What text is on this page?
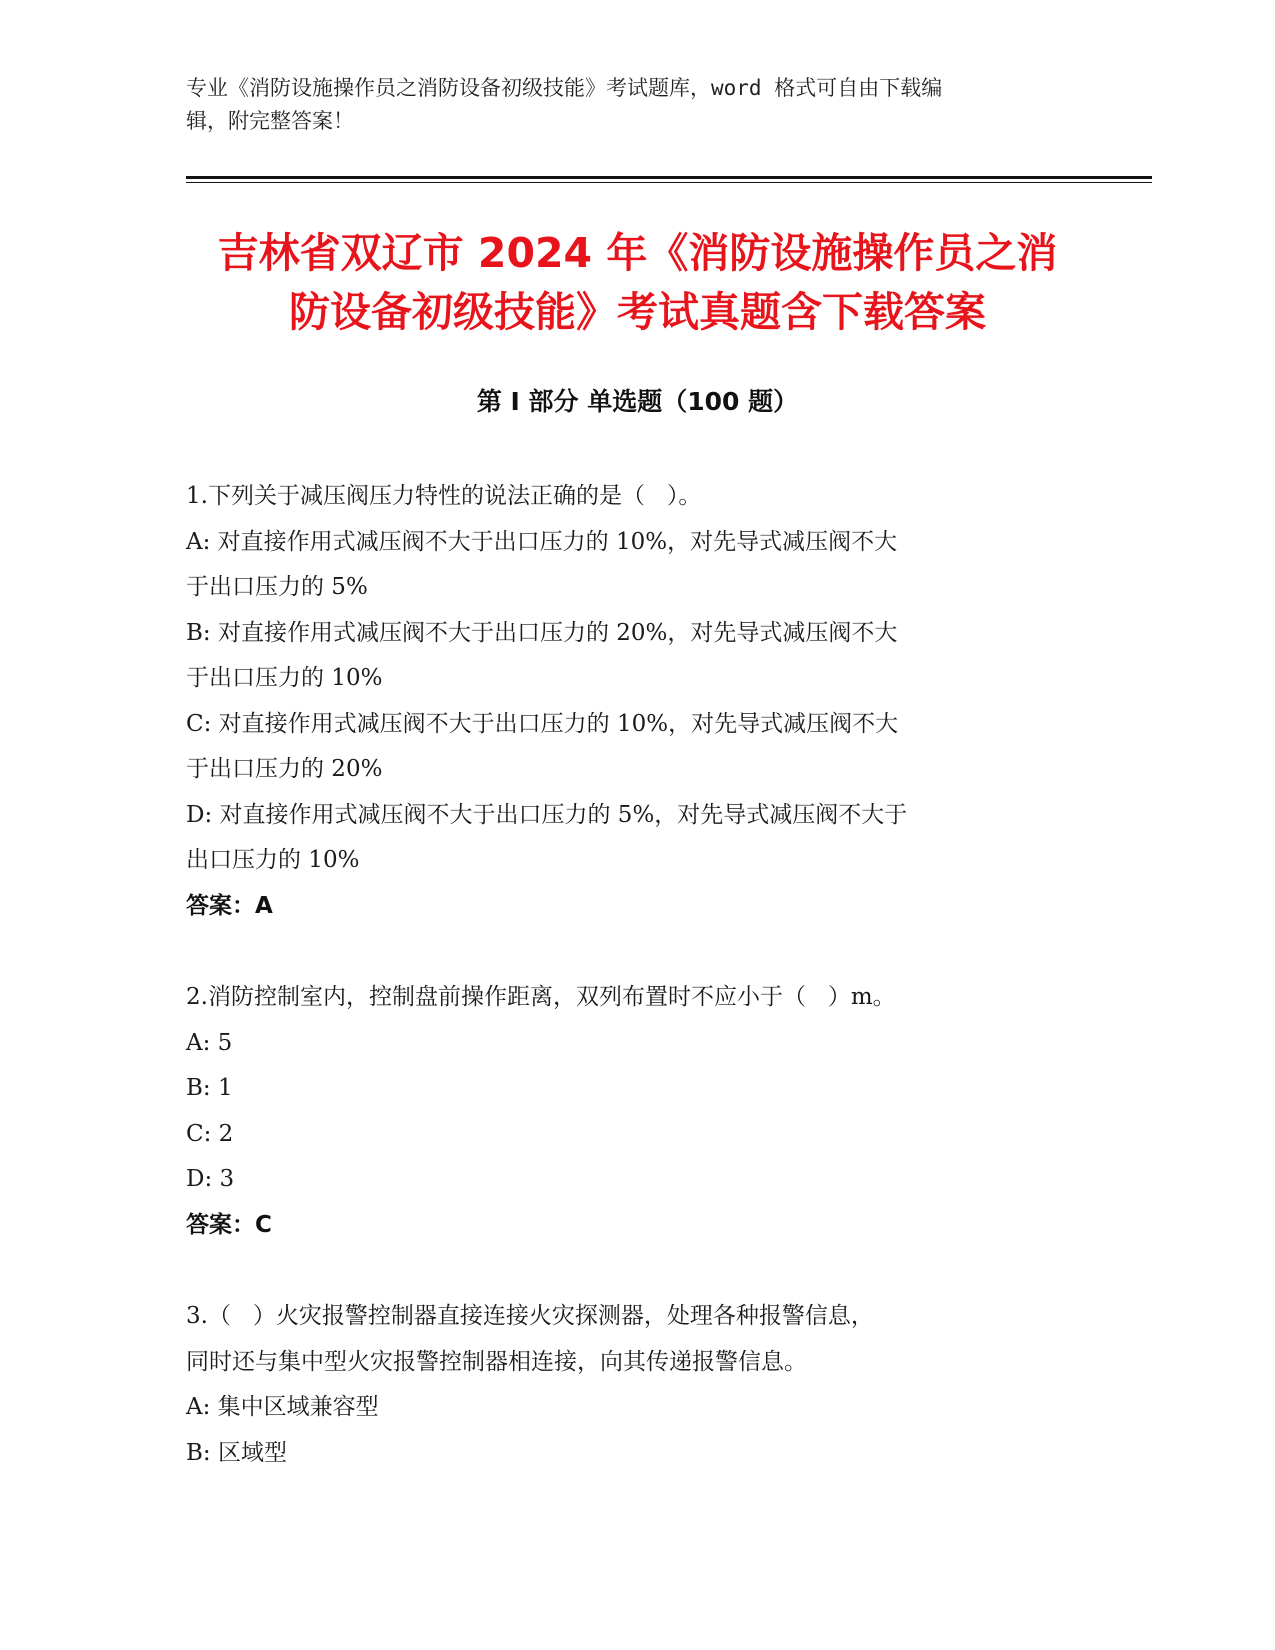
专业《消防设施操作员之消防设备初级技能》考试题库，word 格式可自由下载编
辑，附完整答案！
吉林省双辽市 2024 年《消防设施操作员之消
防设备初级技能》考试真题含下载答案
第 I 部分 单选题（100 题）
1.下列关于减压阀压力特性的说法正确的是（   ）。
A: 对直接作用式减压阀不大于出口压力的 10%，对先导式减压阀不大
于出口压力的 5%
B: 对直接作用式减压阀不大于出口压力的 20%，对先导式减压阀不大
于出口压力的 10%
C: 对直接作用式减压阀不大于出口压力的 10%，对先导式减压阀不大
于出口压力的 20%
D: 对直接作用式减压阀不大于出口压力的 5%，对先导式减压阀不大于
出口压力的 10%
答案：A
2.消防控制室内，控制盘前操作距离，双列布置时不应小于（   ）m。
A: 5
B: 1
C: 2
D: 3
答案：C
3.（   ）火灾报警控制器直接连接火灾探测器，处理各种报警信息，
同时还与集中型火灾报警控制器相连接，向其传递报警信息。
A: 集中区域兼容型
B: 区域型
